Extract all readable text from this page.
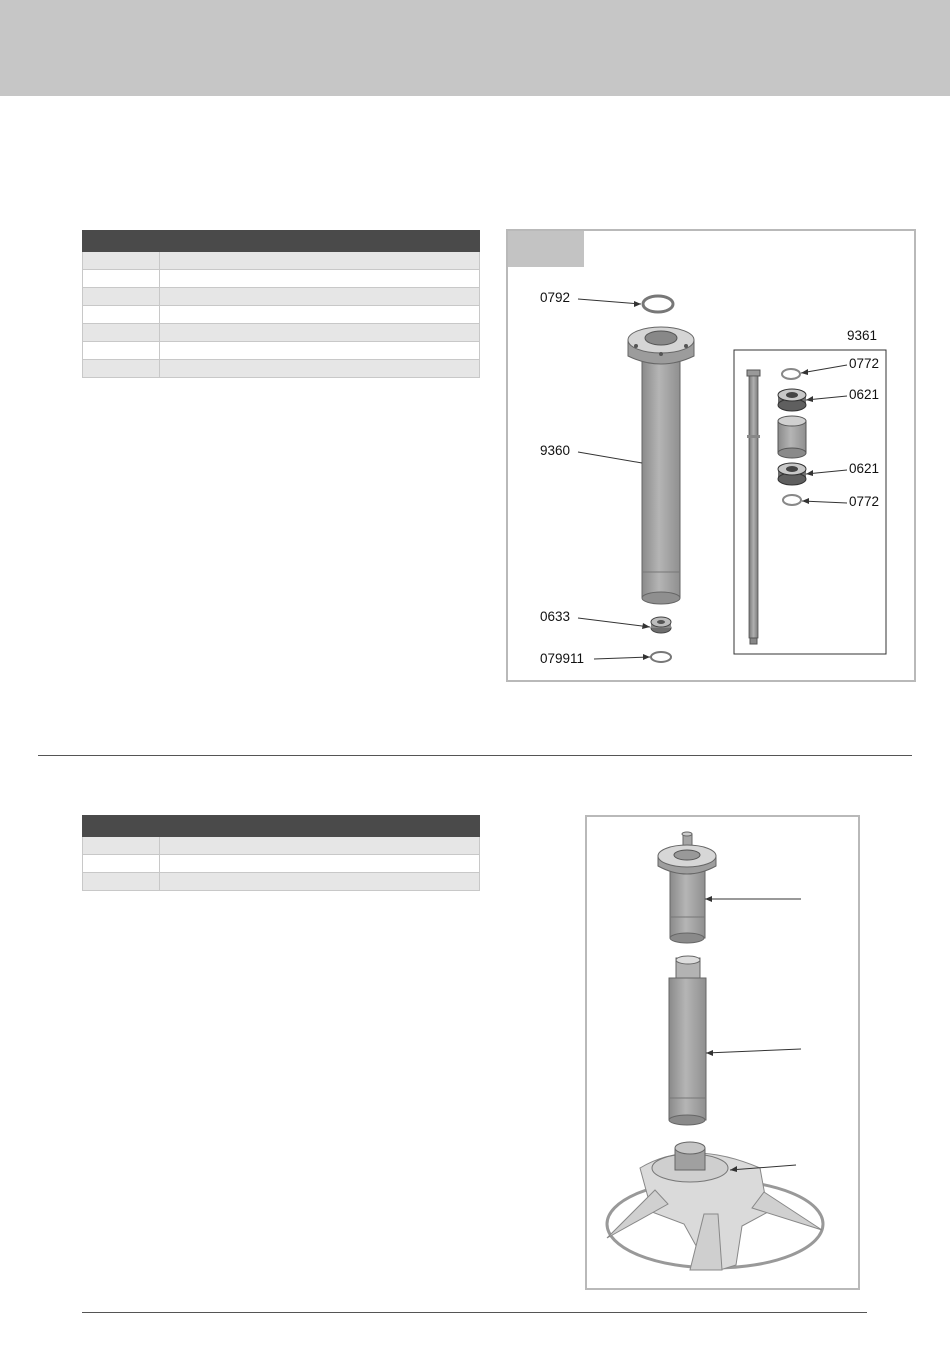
0792
9360
0633
079911
9361
0772
0621
0621
0772
